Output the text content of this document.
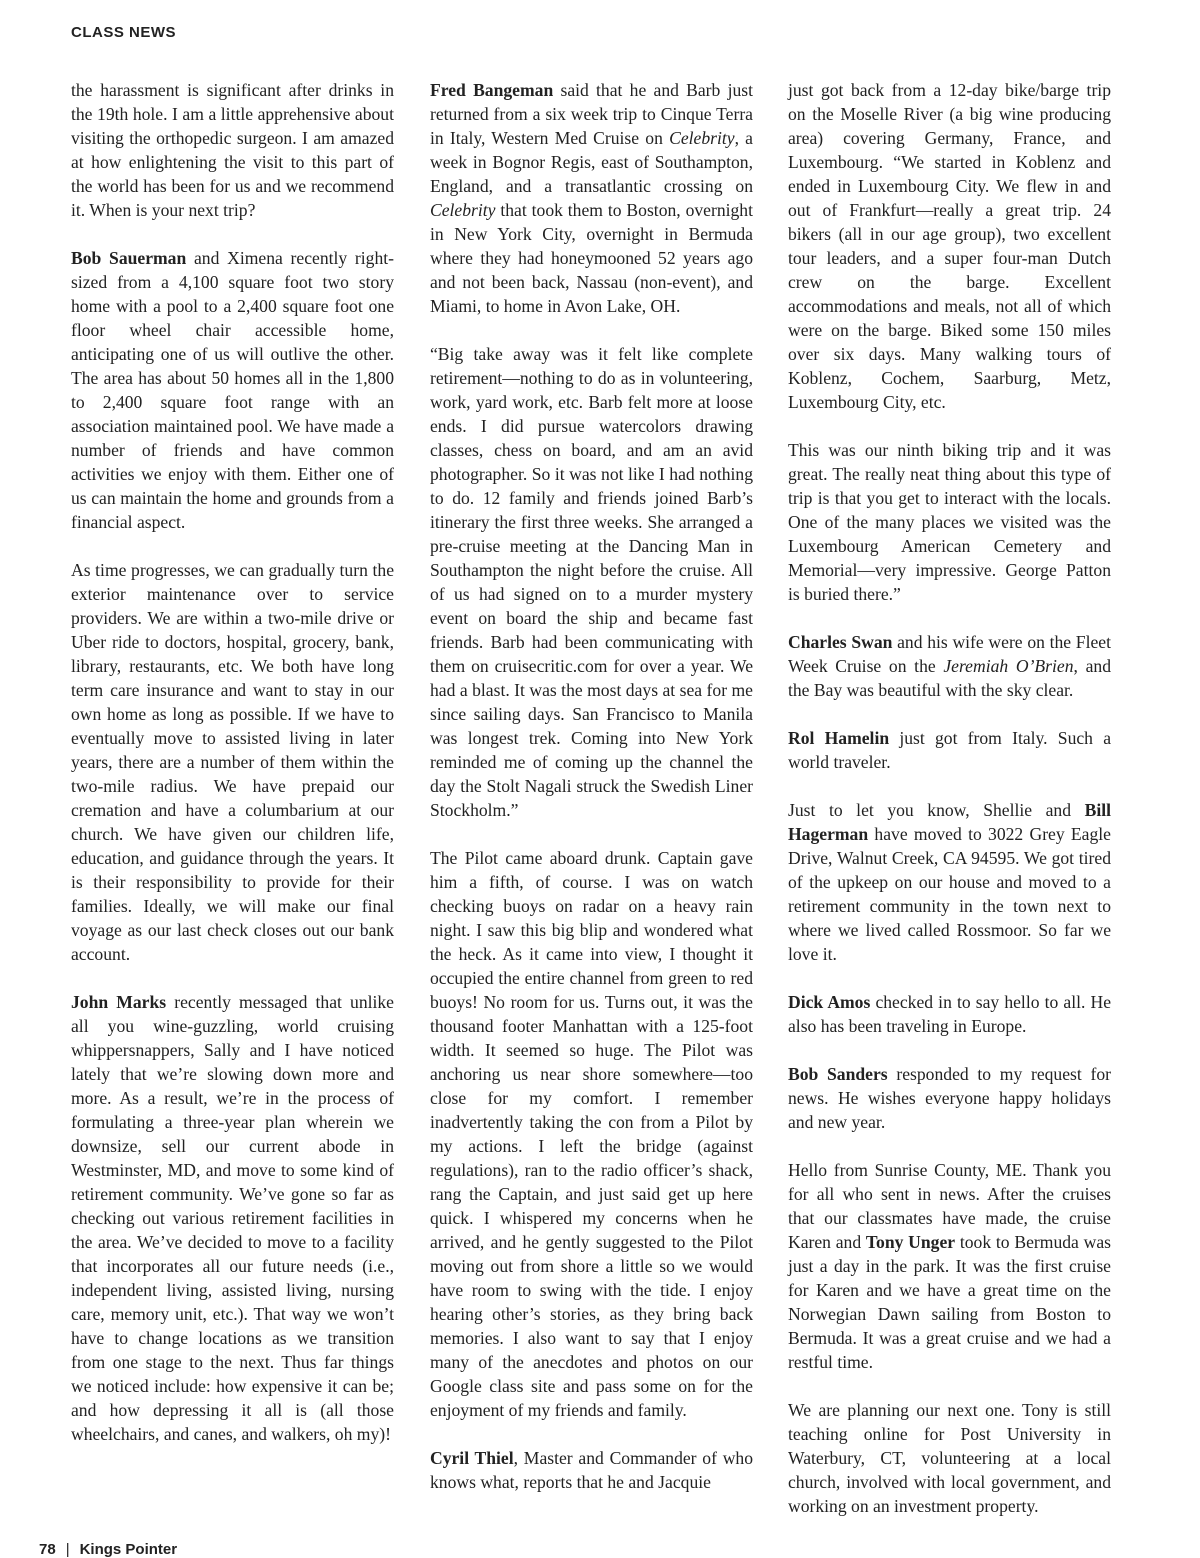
CLASS NEWS

the harassment is significant after drinks in the 19th hole. I am a little apprehensive about visiting the orthopedic surgeon. I am amazed at how enlightening the visit to this part of the world has been for us and we recommend it. When is your next trip?

Bob Sauerman and Ximena recently right-sized from a 4,100 square foot two story home with a pool to a 2,400 square foot one floor wheel chair accessible home, anticipating one of us will outlive the other. The area has about 50 homes all in the 1,800 to 2,400 square foot range with an association maintained pool. We have made a number of friends and have common activities we enjoy with them. Either one of us can maintain the home and grounds from a financial aspect.

As time progresses, we can gradually turn the exterior maintenance over to service providers. We are within a two-mile drive or Uber ride to doctors, hospital, grocery, bank, library, restaurants, etc. We both have long term care insurance and want to stay in our own home as long as possible. If we have to eventually move to assisted living in later years, there are a number of them within the two-mile radius. We have prepaid our cremation and have a columbarium at our church. We have given our children life, education, and guidance through the years. It is their responsibility to provide for their families. Ideally, we will make our final voyage as our last check closes out our bank account.

John Marks recently messaged that unlike all you wine-guzzling, world cruising whippersnappers, Sally and I have noticed lately that we’re slowing down more and more. As a result, we’re in the process of formulating a three-year plan wherein we downsize, sell our current abode in Westminster, MD, and move to some kind of retirement community. We’ve gone so far as checking out various retirement facilities in the area. We’ve decided to move to a facility that incorporates all our future needs (i.e., independent living, assisted living, nursing care, memory unit, etc.). That way we won’t have to change locations as we transition from one stage to the next. Thus far things we noticed include: how expensive it can be; and how depressing it all is (all those wheelchairs, and canes, and walkers, oh my)!

Fred Bangeman said that he and Barb just returned from a six week trip to Cinque Terra in Italy, Western Med Cruise on Celebrity, a week in Bognor Regis, east of Southampton, England, and a transatlantic crossing on Celebrity that took them to Boston, overnight in New York City, overnight in Bermuda where they had honeymooned 52 years ago and not been back, Nassau (non-event), and Miami, to home in Avon Lake, OH.

“Big take away was it felt like complete retirement—nothing to do as in volunteering, work, yard work, etc. Barb felt more at loose ends. I did pursue watercolors drawing classes, chess on board, and am an avid photographer. So it was not like I had nothing to do. 12 family and friends joined Barb’s itinerary the first three weeks. She arranged a pre-cruise meeting at the Dancing Man in Southampton the night before the cruise. All of us had signed on to a murder mystery event on board the ship and became fast friends. Barb had been communicating with them on cruisecritic.com for over a year. We had a blast. It was the most days at sea for me since sailing days. San Francisco to Manila was longest trek. Coming into New York reminded me of coming up the channel the day the Stolt Nagali struck the Swedish Liner Stockholm.”

The Pilot came aboard drunk. Captain gave him a fifth, of course. I was on watch checking buoys on radar on a heavy rain night. I saw this big blip and wondered what the heck. As it came into view, I thought it occupied the entire channel from green to red buoys! No room for us. Turns out, it was the thousand footer Manhattan with a 125-foot width. It seemed so huge. The Pilot was anchoring us near shore somewhere—too close for my comfort. I remember inadvertently taking the con from a Pilot by my actions. I left the bridge (against regulations), ran to the radio officer’s shack, rang the Captain, and just said get up here quick. I whispered my concerns when he arrived, and he gently suggested to the Pilot moving out from shore a little so we would have room to swing with the tide. I enjoy hearing other’s stories, as they bring back memories. I also want to say that I enjoy many of the anecdotes and photos on our Google class site and pass some on for the enjoyment of my friends and family.

Cyril Thiel, Master and Commander of who knows what, reports that he and Jacquie

just got back from a 12-day bike/barge trip on the Moselle River (a big wine producing area) covering Germany, France, and Luxembourg. “We started in Koblenz and ended in Luxembourg City. We flew in and out of Frankfurt—really a great trip. 24 bikers (all in our age group), two excellent tour leaders, and a super four-man Dutch crew on the barge. Excellent accommodations and meals, not all of which were on the barge. Biked some 150 miles over six days. Many walking tours of Koblenz, Cochem, Saarburg, Metz, Luxembourg City, etc.

This was our ninth biking trip and it was great. The really neat thing about this type of trip is that you get to interact with the locals. One of the many places we visited was the Luxembourg American Cemetery and Memorial—very impressive. George Patton is buried there.”

Charles Swan and his wife were on the Fleet Week Cruise on the Jeremiah O’Brien, and the Bay was beautiful with the sky clear.

Rol Hamelin just got from Italy. Such a world traveler.

Just to let you know, Shellie and Bill Hagerman have moved to 3022 Grey Eagle Drive, Walnut Creek, CA 94595. We got tired of the upkeep on our house and moved to a retirement community in the town next to where we lived called Rossmoor. So far we love it.

Dick Amos checked in to say hello to all. He also has been traveling in Europe.

Bob Sanders responded to my request for news. He wishes everyone happy holidays and new year.

Hello from Sunrise County, ME. Thank you for all who sent in news. After the cruises that our classmates have made, the cruise Karen and Tony Unger took to Bermuda was just a day in the park. It was the first cruise for Karen and we have a great time on the Norwegian Dawn sailing from Boston to Bermuda. It was a great cruise and we had a restful time.

We are planning our next one. Tony is still teaching online for Post University in Waterbury, CT, volunteering at a local church, involved with local government, and working on an investment property.

78 | Kings Pointer
